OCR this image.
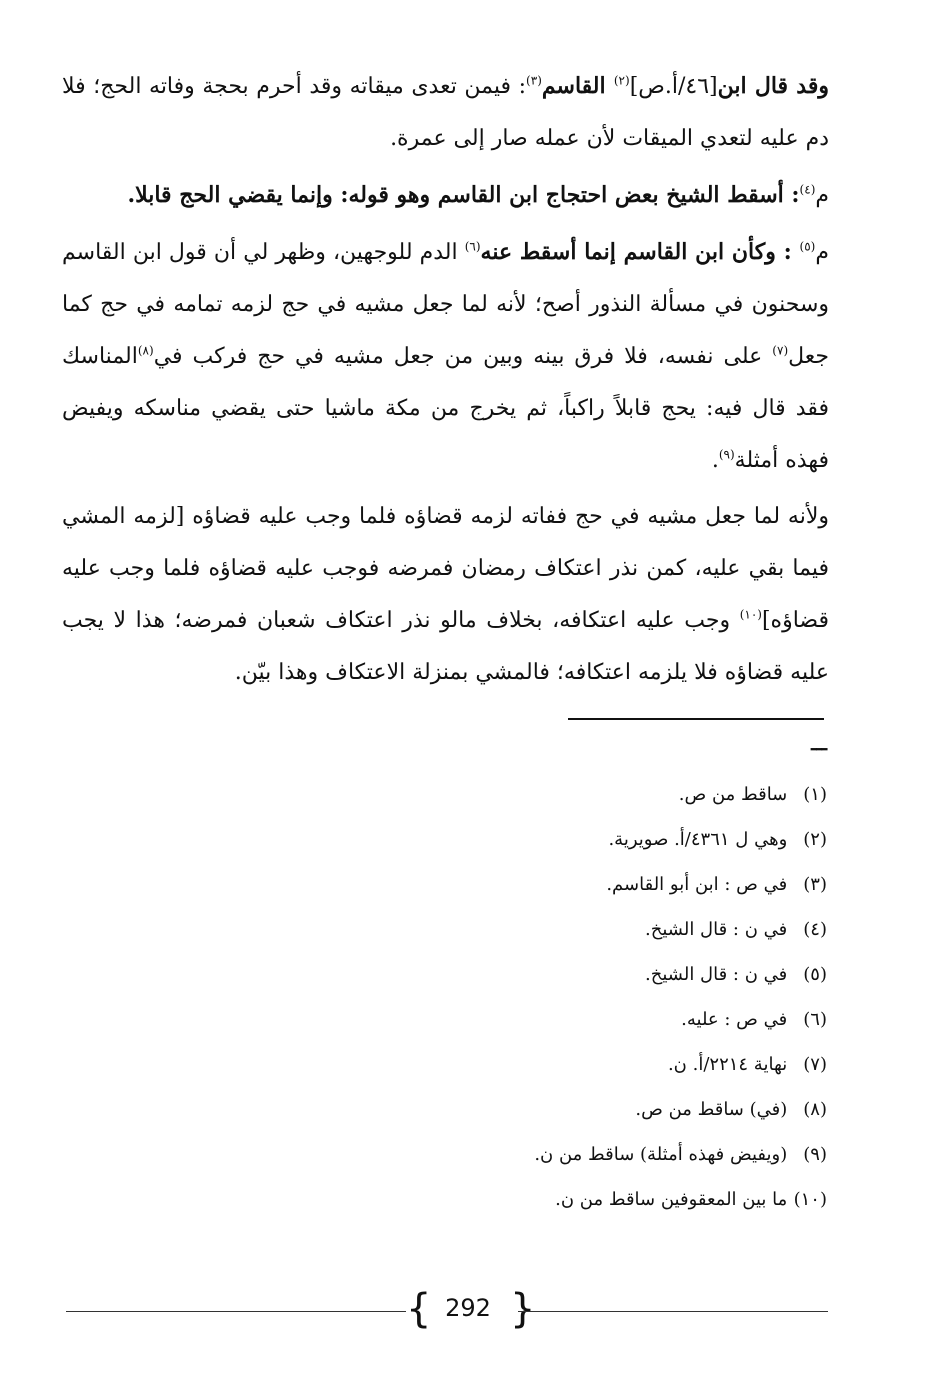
وقد قال ابن[٤٦/أ.ص]$^{(٢)}$ القاسم$^{(٣)}$: فيمن تعدى ميقاته وقد أحرم بحجة وفاته الحج؛ فلا دم عليه لتعدي الميقات لأن عمله صار إلى عمرة.

م$^{(٤)}$: أسقط الشيخ بعض احتجاج ابن القاسم وهو قوله: وإنما يقضي الحج قابلا.

م$^{(٥)}$ : وكأن ابن القاسم إنما أسقط عنه$^{(٦)}$ الدم للوجهين، وظهر لي أن قول ابن القاسم وسحنون في مسألة النذور أصح؛ لأنه لما جعل مشيه في حج لزمه تمامه في حج كما جعل$^{(٧)}$ على نفسه، فلا فرق بينه وبين من جعل مشيه في حج فركب في$^{(٨)}$المناسك فقد قال فيه: يحج قابلاً راكباً، ثم يخرج من مكة ماشيا حتى يقضي مناسكه ويفيض فهذه أمثلة$^{(٩)}$.

ولأنه لما جعل مشيه في حج ففاته لزمه قضاؤه فلما وجب عليه قضاؤه [لزمه المشي فيما بقي عليه، كمن نذر اعتكاف رمضان فمرضه فوجب عليه قضاؤه فلما وجب عليه قضاؤه]$^{(١٠)}$ وجب عليه اعتكافه، بخلاف مالو نذر اعتكاف شعبان فمرضه؛ هذا لا يجب عليه قضاؤه فلا يلزمه اعتكافه؛ فالمشي بمنزلة الاعتكاف وهذا بيّن.

ـــ
(١) ساقط من ص.
(٢) وهي ل ٤٣٦١/أ. صويرية.
(٣) في ص : ابن أبو القاسم.
(٤) في ن : قال الشيخ.
(٥) في ن : قال الشيخ.
(٦) في ص : عليه.
(٧) نهاية ٢٢١٤/أ. ن.
(٨) (في) ساقط من ص.
(٩) (ويفيض فهذه أمثلة) ساقط من ن.
(١٠) ما بين المعقوفين ساقط من ن.
{ 292 }
